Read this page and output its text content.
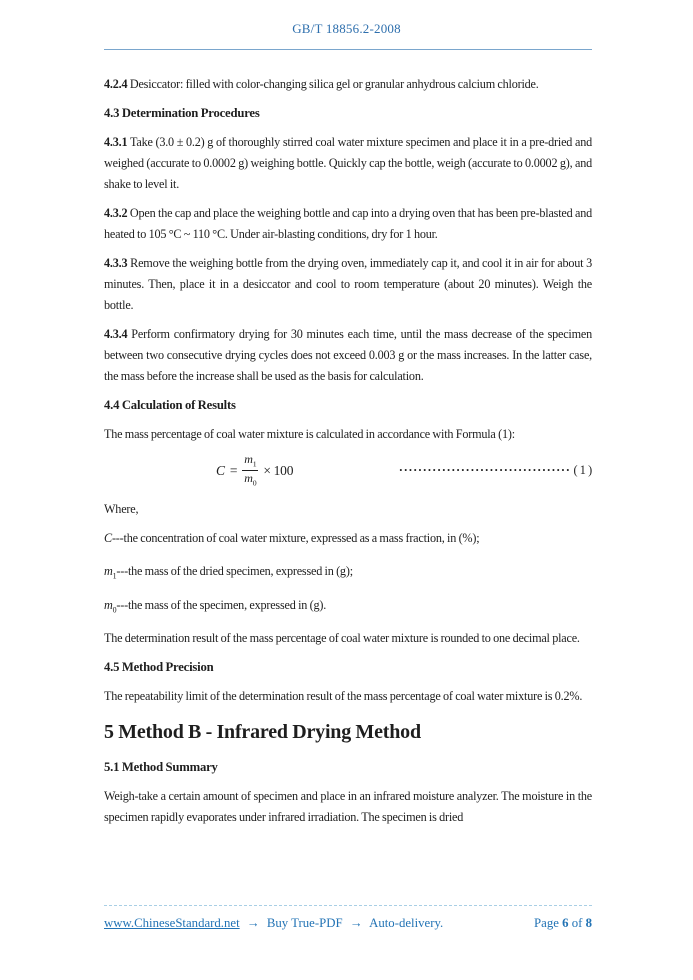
GB/T 18856.2-2008

4.2.4 Desiccator: filled with color-changing silica gel or granular anhydrous calcium chloride.

4.3 Determination Procedures

4.3.1 Take (3.0 ± 0.2) g of thoroughly stirred coal water mixture specimen and place it in a pre-dried and weighed (accurate to 0.0002 g) weighing bottle. Quickly cap the bottle, weigh (accurate to 0.0002 g), and shake to level it.

4.3.2 Open the cap and place the weighing bottle and cap into a drying oven that has been pre-blasted and heated to 105 °C ~ 110 °C. Under air-blasting conditions, dry for 1 hour.

4.3.3 Remove the weighing bottle from the drying oven, immediately cap it, and cool it in air for about 3 minutes. Then, place it in a desiccator and cool to room temperature (about 20 minutes). Weigh the bottle.

4.3.4 Perform confirmatory drying for 30 minutes each time, until the mass decrease of the specimen between two consecutive drying cycles does not exceed 0.003 g or the mass increases. In the latter case, the mass before the increase shall be used as the basis for calculation.

4.4 Calculation of Results

The mass percentage of coal water mixture is calculated in accordance with Formula (1):

$C = \frac{m_1}{m_0} \times 100$	···································· ( 1 )

Where,

C---the concentration of coal water mixture, expressed as a mass fraction, in (%);

$m_1--$-the mass of the dried specimen, expressed in (g);

$m_0--$-the mass of the specimen, expressed in (g).

The determination result of the mass percentage of coal water mixture is rounded to one decimal place.

4.5 Method Precision

The repeatability limit of the determination result of the mass percentage of coal water mixture is 0.2%.

5 Method B - Infrared Drying Method
5.1 Method Summary

Weigh-take a certain amount of specimen and place in an infrared moisture analyzer. The moisture in the specimen rapidly evaporates under infrared irradiation. The specimen is dried

www.ChineseStandard.net → Buy True-PDF → Auto-delivery.	Page 6 of 8
